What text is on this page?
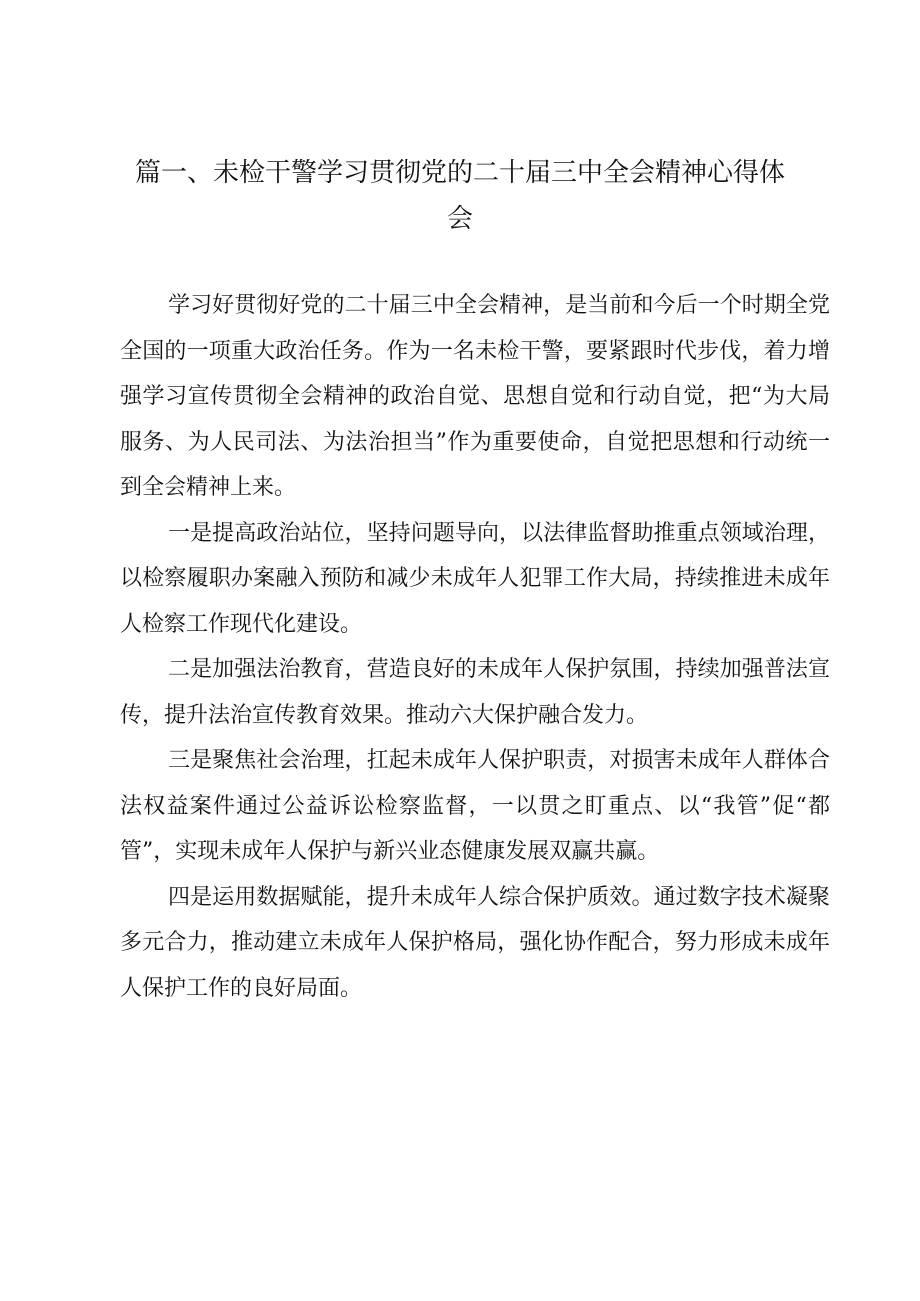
篇一、未检干警学习贯彻党的二十届三中全会精神心得体
会

学习好贯彻好党的二十届三中全会精神，是当前和今后一个时期全党全国的一项重大政治任务。作为一名未检干警，要紧跟时代步伐，着力增强学习宣传贯彻全会精神的政治自觉、思想自觉和行动自觉，把“为大局服务、为人民司法、为法治担当”作为重要使命，自觉把思想和行动统一到全会精神上来。

一是提高政治站位，坚持问题导向，以法律监督助推重点领域治理，以检察履职办案融入预防和减少未成年人犯罪工作大局，持续推进未成年人检察工作现代化建设。

二是加强法治教育，营造良好的未成年人保护氛围，持续加强普法宣传，提升法治宣传教育效果。推动六大保护融合发力。

三是聚焦社会治理，扛起未成年人保护职责，对损害未成年人群体合法权益案件通过公益诉讼检察监督，一以贯之盯重点、以“我管”促“都管”，实现未成年人保护与新兴业态健康发展双赢共赢。

四是运用数据赋能，提升未成年人综合保护质效。通过数字技术凝聚多元合力，推动建立未成年人保护格局，强化协作配合，努力形成未成年人保护工作的良好局面。
